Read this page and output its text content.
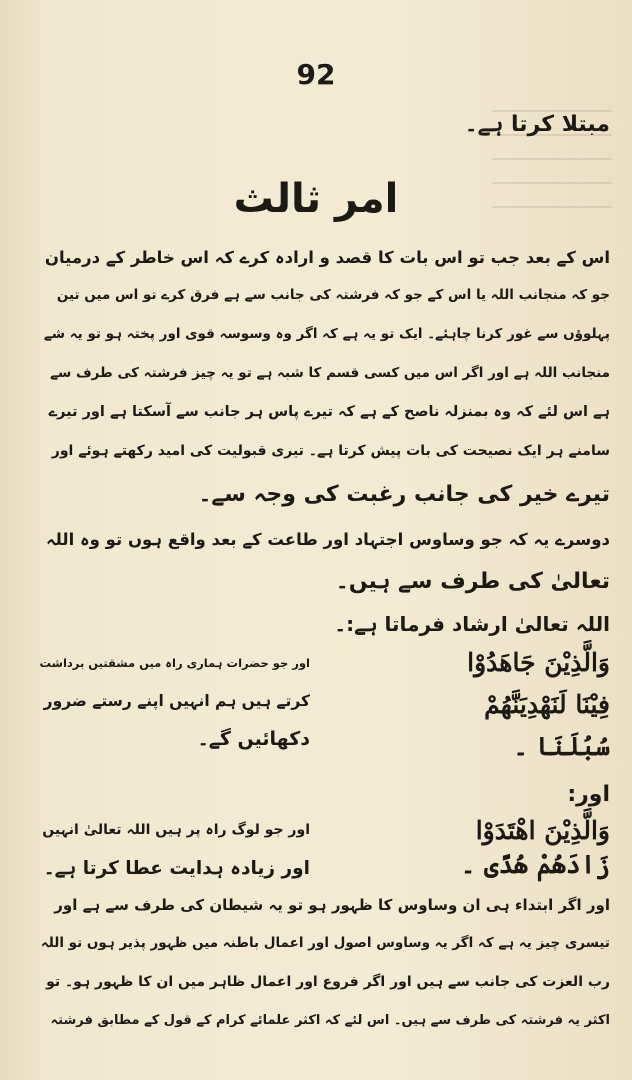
92
مبتلا کرتا ہے۔
امر ثالث
اس کے بعد جب تو اس بات کا قصد و ارادہ کرے کہ اس خاطر کے درمیان
جو کہ منجانب اللہ یا اس کے جو کہ فرشتہ کی جانب سے ہے فرق کرے تو اس میں تین
پہلوؤں سے غور کرنا چاہئے۔ ایک تو یہ ہے کہ اگر وہ وسوسہ قوی اور پختہ ہو تو یہ شے
منجانب اللہ ہے اور اگر اس میں کسی قسم کا شبہ ہے تو یہ چیز فرشتہ کی طرف سے
ہے اس لئے کہ وہ بمنزلہ ناصح کے ہے کہ تیرے پاس ہر جانب سے آسکتا ہے اور تیرے
سامنے ہر ایک نصیحت کی بات پیش کرتا ہے۔ تیری قبولیت کی امید رکھتے ہوئے اور
تیرے خیر کی جانب رغبت کی وجہ سے۔
دوسرے یہ کہ جو وساوس اجتہاد اور طاعت کے بعد واقع ہوں تو وہ اللہ
تعالیٰ کی طرف سے ہیں۔
اللہ تعالیٰ ارشاد فرماتا ہے:۔
وَالَّذِیْنَ جَاهَدُوْا
فِیْنَا لَنَهْدِیَنَّهُمْ
سُبُلَنَا ۔
اور جو حضرات ہماری راہ میں مشقتیں برداشت
کرتے ہیں ہم انہیں اپنے رستے ضرور
دکھائیں گے۔
اور:
وَالَّذِیْنَ اهْتَدَوْا
زَادَهُمْ هُدًی ۔
اور جو لوگ راہ پر ہیں اللہ تعالیٰ انہیں
اور زیادہ ہدایت عطا کرتا ہے۔
اور اگر ابتداء ہی ان وساوس کا ظہور ہو تو یہ شیطان کی طرف سے ہے اور
تیسری چیز یہ ہے کہ اگر یہ وساوس اصول اور اعمال باطنہ میں ظہور پذیر ہوں تو اللہ
رب العزت کی جانب سے ہیں اور اگر فروع اور اعمال ظاہر میں ان کا ظہور ہو۔ تو
اکثر یہ فرشتہ کی طرف سے ہیں۔ اس لئے کہ اکثر علمائے کرام کے قول کے مطابق فرشتہ
